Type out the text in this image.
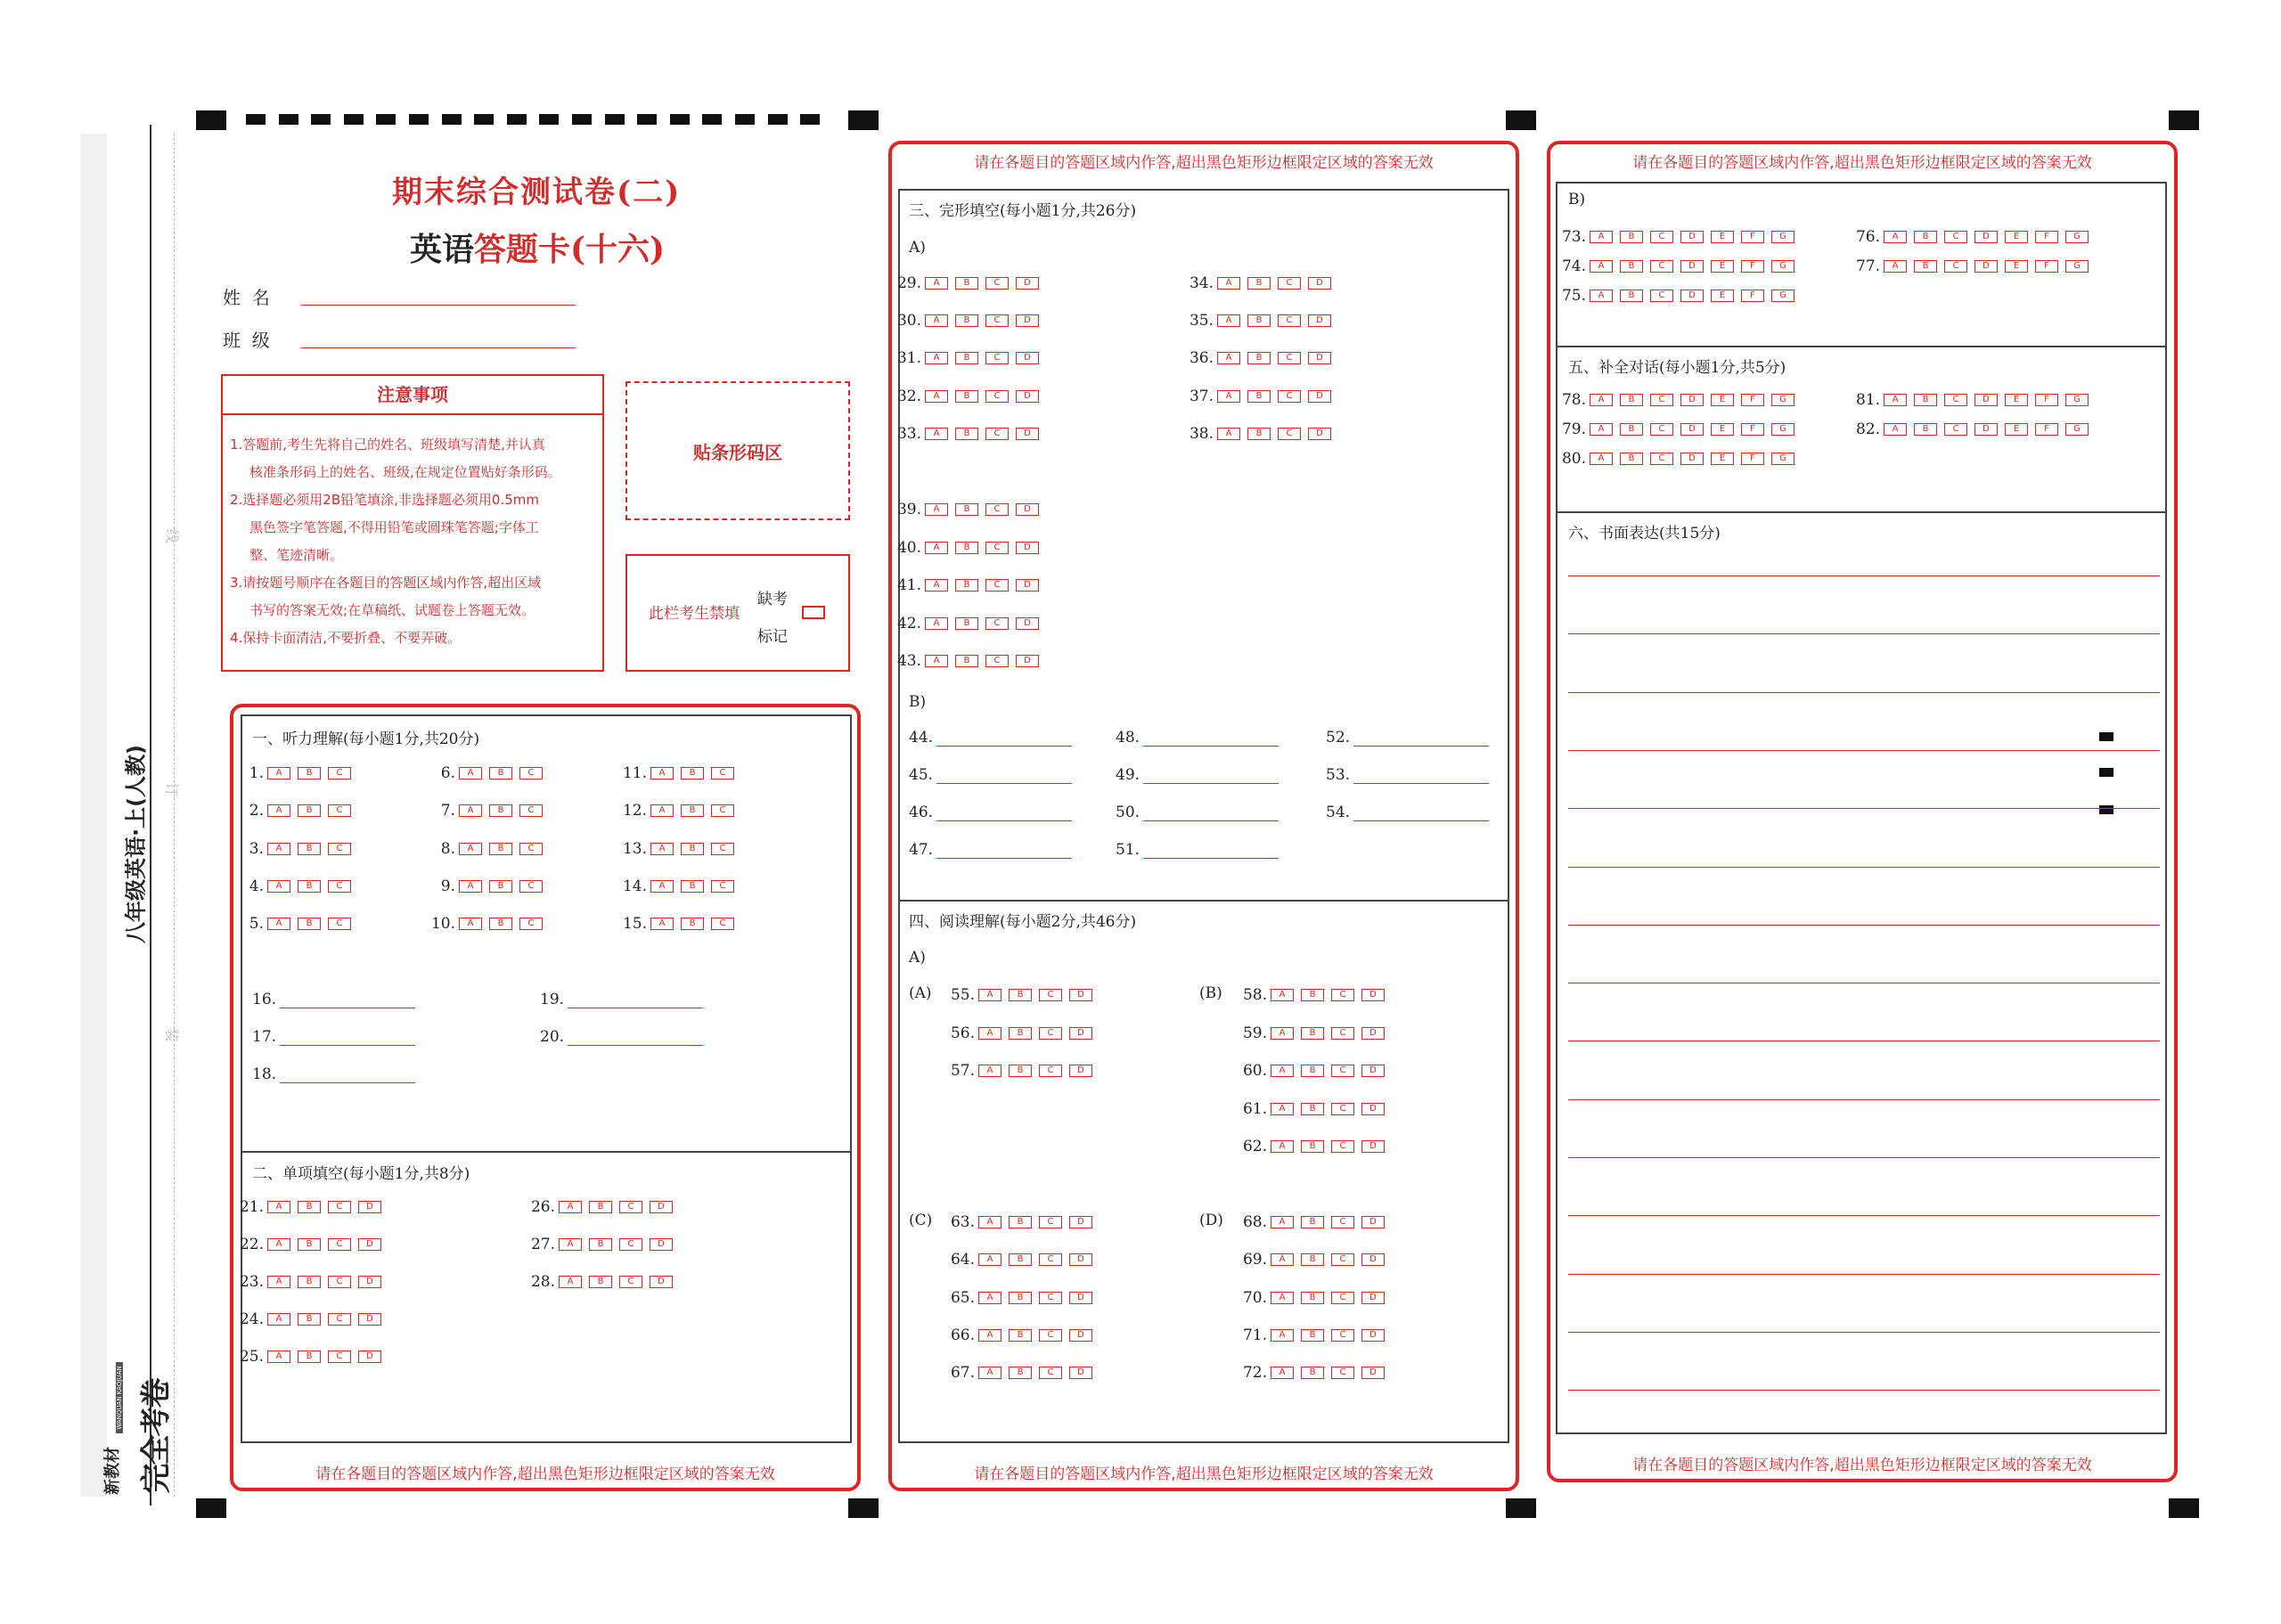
线
订
装
八年级英语·上(人教)
新教材 完全考卷
WANQUAN KAOJUAN
期末综合测试卷(二)
英语答题卡(十六)
姓  名
班  级
注意事项
1.答题前,考生先将自己的姓名、班级填写清楚,并认真
核准条形码上的姓名、班级,在规定位置贴好条形码。
2.选择题必须用2B铅笔填涂,非选择题必须用0.5mm
黑色签字笔答题,不得用铅笔或圆珠笔答题;字体工
整、笔迹清晰。
3.请按题号顺序在各题目的答题区域内作答,超出区域
书写的答案无效;在草稿纸、试题卷上答题无效。
4.保持卡面清洁,不要折叠、不要弄破。
贴条形码区
此栏考生禁填
缺考
标记
一、听力理解(每小题1分,共20分)
二、单项填空(每小题1分,共8分)
请在各题目的答题区域内作答,超出黑色矩形边框限定区域的答案无效
请在各题目的答题区域内作答,超出黑色矩形边框限定区域的答案无效
三、完形填空(每小题1分,共26分)
A)
B)
四、阅读理解(每小题2分,共46分)
A)
请在各题目的答题区域内作答,超出黑色矩形边框限定区域的答案无效
请在各题目的答题区域内作答,超出黑色矩形边框限定区域的答案无效
B)
五、补全对话(每小题1分,共5分)
六、书面表达(共15分)
请在各题目的答题区域内作答,超出黑色矩形边框限定区域的答案无效
1.	A	B	C
2.	A	B	C
3.	A	B	C
4.	A	B	C
5.	A	B	C
6.	A	B	C
7.	A	B	C
8.	A	B	C
9.	A	B	C
10.	A	B	C
11.	A	B	C
12.	A	B	C
13.	A	B	C
14.	A	B	C
15.	A	B	C
16.
17.
18.
19.
20.
21.	A	B	C	D
22.	A	B	C	D
23.	A	B	C	D
24.	A	B	C	D
25.	A	B	C	D
26.	A	B	C	D
27.	A	B	C	D
28.	A	B	C	D
29.	A	B	C	D
30.	A	B	C	D
31.	A	B	C	D
32.	A	B	C	D
33.	A	B	C	D
34.	A	B	C	D
35.	A	B	C	D
36.	A	B	C	D
37.	A	B	C	D
38.	A	B	C	D
39.	A	B	C	D
40.	A	B	C	D
41.	A	B	C	D
42.	A	B	C	D
43.	A	B	C	D
44.
45.
46.
47.
48.
49.
50.
51.
52.
53.
54.
(A)	(B)
(C)	(D)
55.	A	B	C	D
56.	A	B	C	D
57.	A	B	C	D
58.	A	B	C	D
59.	A	B	C	D
60.	A	B	C	D
61.	A	B	C	D
62.	A	B	C	D
63.	A	B	C	D
64.	A	B	C	D
65.	A	B	C	D
66.	A	B	C	D
67.	A	B	C	D
68.	A	B	C	D
69.	A	B	C	D
70.	A	B	C	D
71.	A	B	C	D
72.	A	B	C	D
73.	A	B	C	D	E	F	G
74.	A	B	C	D	E	F	G
75.	A	B	C	D	E	F	G
76.	A	B	C	D	E	F	G
77.	A	B	C	D	E	F	G
78.	A	B	C	D	E	F	G
79.	A	B	C	D	E	F	G
80.	A	B	C	D	E	F	G
81.	A	B	C	D	E	F	G
82.	A	B	C	D	E	F	G
